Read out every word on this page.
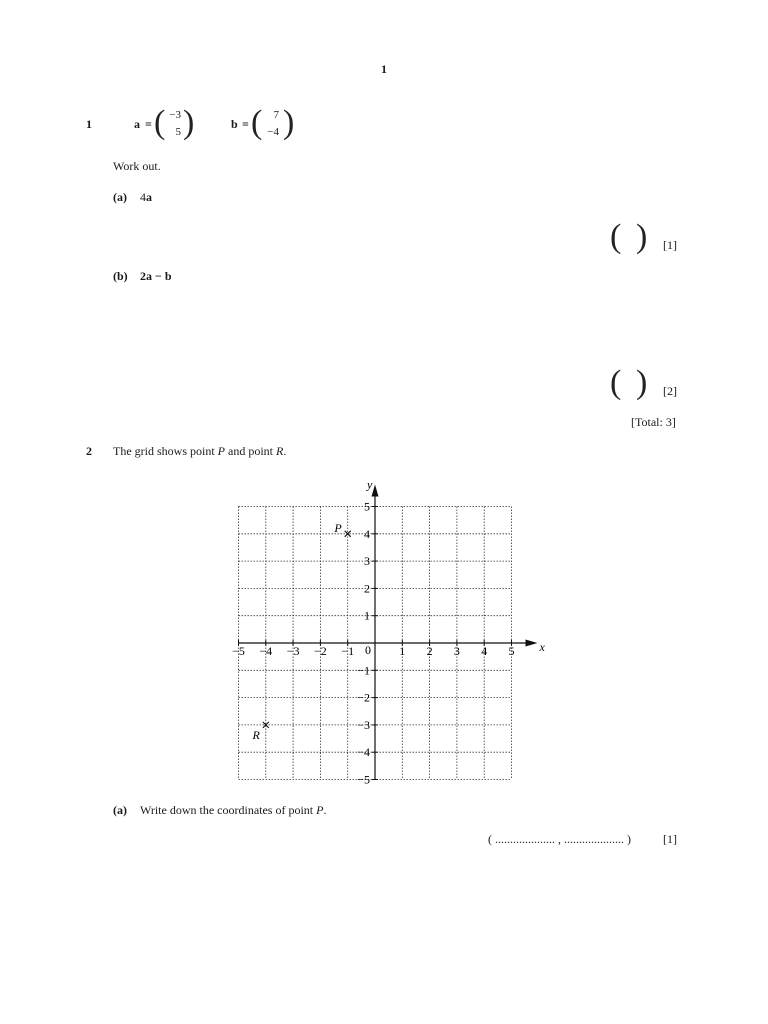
1
1	a = ( −3
5 )	b = (	7
−4 )
Work out.
(a) 4a
( ) [1]
(b) 2a − b
( ) [2]
[Total: 3]
2 The grid shows point P and point R.
x
y
−5 −4 −3 −2 −1	1 2 3 4 5
5
4
3
2
1
−1
−2
−3
−4
−5
0
P
R
(a) Write down the coordinates of point P.
( .................... , .................... )	[1]
